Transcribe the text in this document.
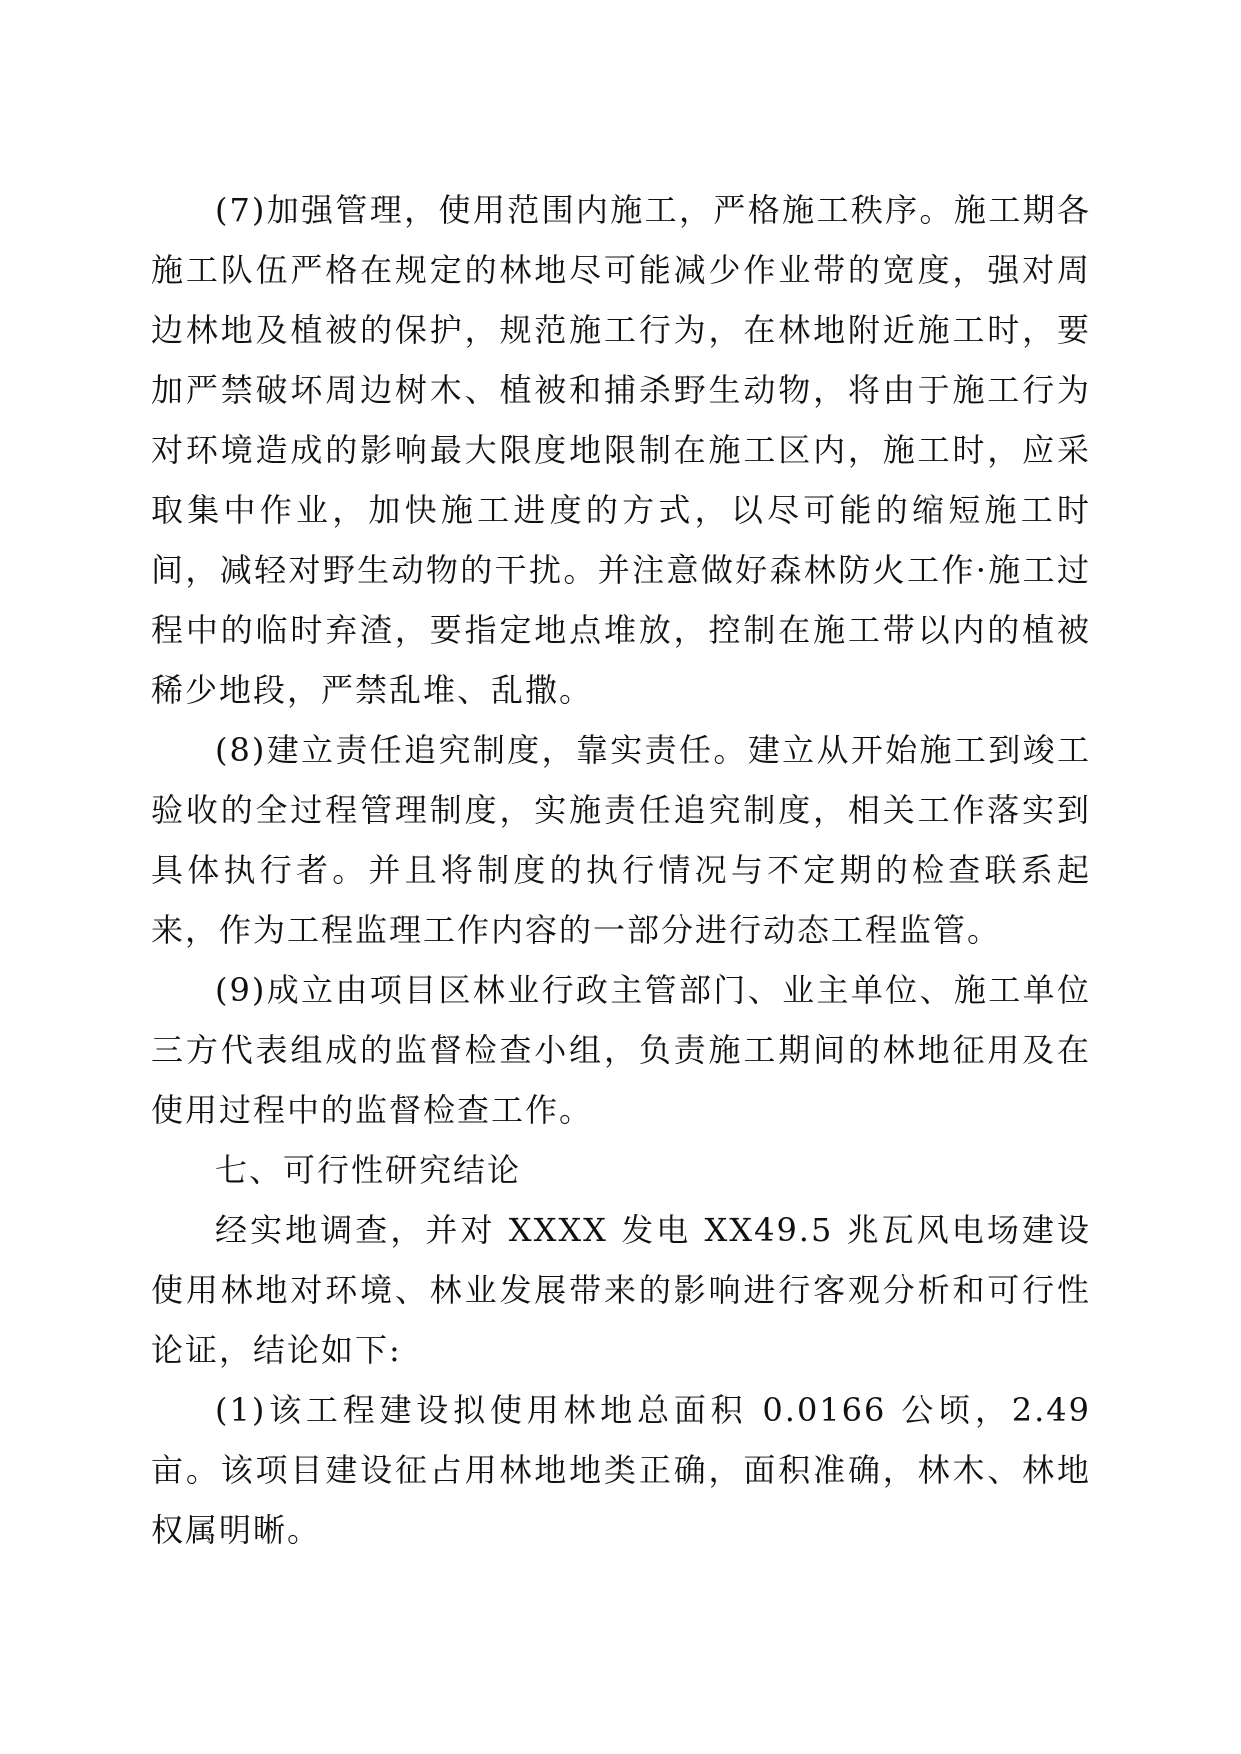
(7)加强管理，使用范围内施工，严格施工秩序。施工期各施工队伍严格在规定的林地尽可能减少作业带的宽度，强对周边林地及植被的保护，规范施工行为，在林地附近施工时，要加严禁破坏周边树木、植被和捕杀野生动物，将由于施工行为对环境造成的影响最大限度地限制在施工区内，施工时，应采取集中作业，加快施工进度的方式，以尽可能的缩短施工时间，减轻对野生动物的干扰。并注意做好森林防火工作·施工过程中的临时弃渣，要指定地点堆放，控制在施工带以内的植被稀少地段，严禁乱堆、乱撒。

(8)建立责任追究制度，靠实责任。建立从开始施工到竣工验收的全过程管理制度，实施责任追究制度，相关工作落实到具体执行者。并且将制度的执行情况与不定期的检查联系起来，作为工程监理工作内容的一部分进行动态工程监管。

(9)成立由项目区林业行政主管部门、业主单位、施工单位三方代表组成的监督检查小组，负责施工期间的林地征用及在使用过程中的监督检查工作。

七、可行性研究结论

经实地调查，并对 XXXX 发电 XX49.5 兆瓦风电场建设使用林地对环境、林业发展带来的影响进行客观分析和可行性论证，结论如下:

(1)该工程建设拟使用林地总面积 0.0166 公顷，2.49 亩。该项目建设征占用林地地类正确，面积准确，林木、林地权属明晰。
